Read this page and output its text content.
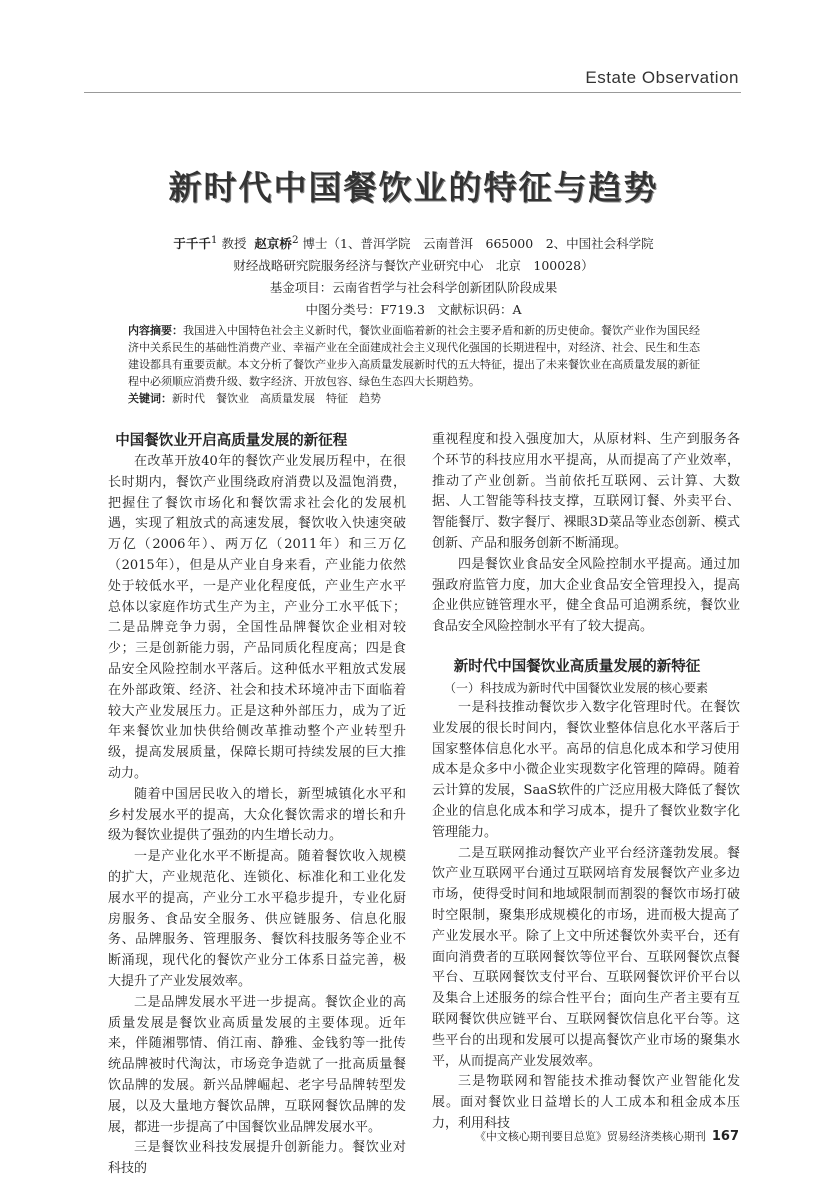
Estate Observation
新时代中国餐饮业的特征与趋势
于千千$^1$ 教授 赵京桥$^2$ 博士（1、普洱学院　云南普洱　665000　2、中国社会科学院
财经战略研究院服务经济与餐饮产业研究中心　北京　100028）
基金项目：云南省哲学与社会科学创新团队阶段成果
中图分类号：F719.3　文献标识码：A
内容摘要：我国进入中国特色社会主义新时代，餐饮业面临着新的社会主要矛盾和新的历史使命。餐饮产业作为国民经济中关系民生的基础性消费产业、幸福产业在全面建成社会主义现代化强国的长期进程中，对经济、社会、民生和生态建设都具有重要贡献。本文分析了餐饮产业步入高质量发展新时代的五大特征，提出了未来餐饮业在高质量发展的新征程中必须顺应消费升级、数字经济、开放包容、绿色生态四大长期趋势。
关键词：新时代　餐饮业　高质量发展　特征　趋势
中国餐饮业开启高质量发展的新征程

在改革开放40年的餐饮产业发展历程中，在很长时期内，餐饮产业围绕政府消费以及温饱消费，把握住了餐饮市场化和餐饮需求社会化的发展机遇，实现了粗放式的高速发展，餐饮收入快速突破万亿（2006年）、两万亿（2011年）和三万亿（2015年），但是从产业自身来看，产业能力依然处于较低水平，一是产业化程度低，产业生产水平总体以家庭作坊式生产为主，产业分工水平低下；二是品牌竞争力弱，全国性品牌餐饮企业相对较少；三是创新能力弱，产品同质化程度高；四是食品安全风险控制水平落后。这种低水平粗放式发展在外部政策、经济、社会和技术环境冲击下面临着较大产业发展压力。正是这种外部压力，成为了近年来餐饮业加快供给侧改革推动整个产业转型升级，提高发展质量，保障长期可持续发展的巨大推动力。

随着中国居民收入的增长，新型城镇化水平和乡村发展水平的提高，大众化餐饮需求的增长和升级为餐饮业提供了强劲的内生增长动力。

一是产业化水平不断提高。随着餐饮收入规模的扩大，产业规范化、连锁化、标准化和工业化发展水平的提高，产业分工水平稳步提升，专业化厨房服务、食品安全服务、供应链服务、信息化服务、品牌服务、管理服务、餐饮科技服务等企业不断涌现，现代化的餐饮产业分工体系日益完善，极大提升了产业发展效率。

二是品牌发展水平进一步提高。餐饮企业的高质量发展是餐饮业高质量发展的主要体现。近年来，伴随湘鄂情、俏江南、静雅、金钱豹等一批传统品牌被时代淘汰，市场竞争造就了一批高质量餐饮品牌的发展。新兴品牌崛起、老字号品牌转型发展，以及大量地方餐饮品牌，互联网餐饮品牌的发展，都进一步提高了中国餐饮业品牌发展水平。

三是餐饮业科技发展提升创新能力。餐饮业对科技的

重视程度和投入强度加大，从原材料、生产到服务各个环节的科技应用水平提高，从而提高了产业效率，推动了产业创新。当前依托互联网、云计算、大数据、人工智能等科技支撑，互联网订餐、外卖平台、智能餐厅、数字餐厅、裸眼3D菜品等业态创新、模式创新、产品和服务创新不断涌现。

四是餐饮业食品安全风险控制水平提高。通过加强政府监管力度，加大企业食品安全管理投入，提高企业供应链管理水平，健全食品可追溯系统，餐饮业食品安全风险控制水平有了较大提高。

新时代中国餐饮业高质量发展的新特征
（一）科技成为新时代中国餐饮业发展的核心要素

一是科技推动餐饮步入数字化管理时代。在餐饮业发展的很长时间内，餐饮业整体信息化水平落后于国家整体信息化水平。高昂的信息化成本和学习使用成本是众多中小微企业实现数字化管理的障碍。随着云计算的发展，SaaS软件的广泛应用极大降低了餐饮企业的信息化成本和学习成本，提升了餐饮业数字化管理能力。

二是互联网推动餐饮产业平台经济蓬勃发展。餐饮产业互联网平台通过互联网培育发展餐饮产业多边市场，使得受时间和地域限制而割裂的餐饮市场打破时空限制，聚集形成规模化的市场，进而极大提高了产业发展水平。除了上文中所述餐饮外卖平台，还有面向消费者的互联网餐饮等位平台、互联网餐饮点餐平台、互联网餐饮支付平台、互联网餐饮评价平台以及集合上述服务的综合性平台；面向生产者主要有互联网餐饮供应链平台、互联网餐饮信息化平台等。这些平台的出现和发展可以提高餐饮产业市场的聚集水平，从而提高产业发展效率。

三是物联网和智能技术推动餐饮产业智能化发展。面对餐饮业日益增长的人工成本和租金成本压力，利用科技

《中文核心期刊要目总览》贸易经济类核心期刊 167
